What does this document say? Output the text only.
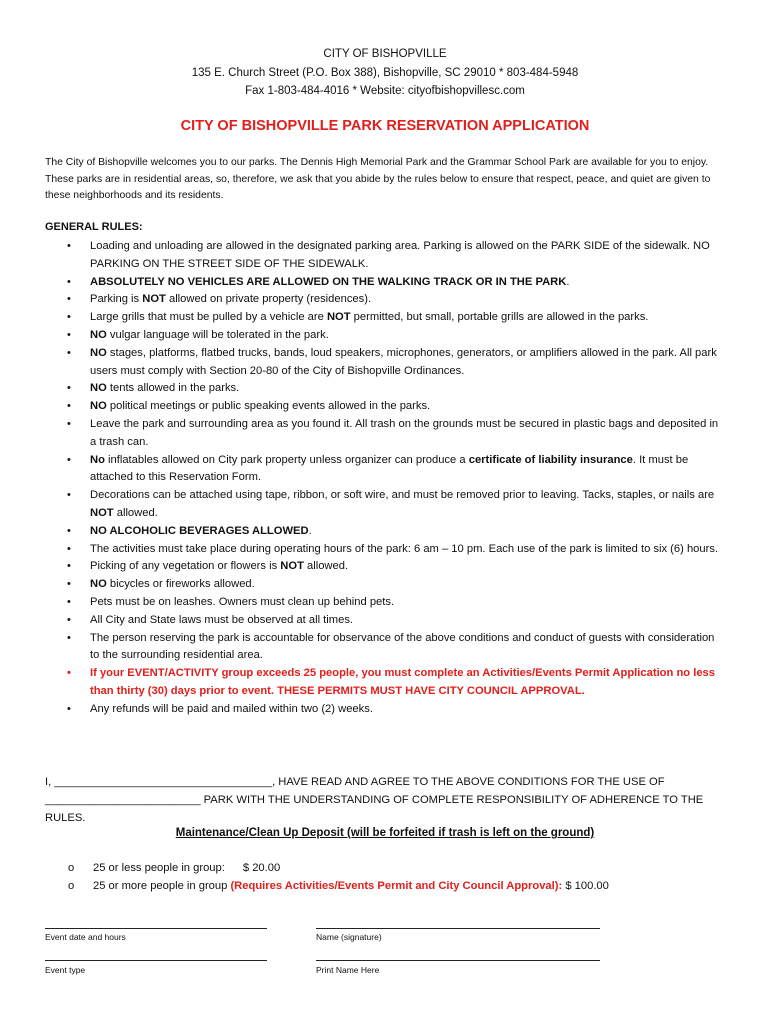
CITY OF BISHOPVILLE
135 E. Church Street (P.O. Box 388), Bishopville, SC 29010 * 803-484-5948
Fax 1-803-484-4016 * Website: cityofbishopvillesc.com
CITY OF BISHOPVILLE PARK RESERVATION APPLICATION
The City of Bishopville welcomes you to our parks. The Dennis High Memorial Park and the Grammar School Park are available for you to enjoy. These parks are in residential areas, so, therefore, we ask that you abide by the rules below to ensure that respect, peace, and quiet are given to these neighborhoods and its residents.
GENERAL RULES:
• Loading and unloading are allowed in the designated parking area. Parking is allowed on the PARK SIDE of the sidewalk. NO PARKING ON THE STREET SIDE OF THE SIDEWALK.
• ABSOLUTELY NO VEHICLES ARE ALLOWED ON THE WALKING TRACK OR IN THE PARK.
• Parking is NOT allowed on private property (residences).
• Large grills that must be pulled by a vehicle are NOT permitted, but small, portable grills are allowed in the parks.
• NO vulgar language will be tolerated in the park.
• NO stages, platforms, flatbed trucks, bands, loud speakers, microphones, generators, or amplifiers allowed in the park. All park users must comply with Section 20-80 of the City of Bishopville Ordinances.
• NO tents allowed in the parks.
• NO political meetings or public speaking events allowed in the parks.
• Leave the park and surrounding area as you found it. All trash on the grounds must be secured in plastic bags and deposited in a trash can.
• No inflatables allowed on City park property unless organizer can produce a certificate of liability insurance. It must be attached to this Reservation Form.
• Decorations can be attached using tape, ribbon, or soft wire, and must be removed prior to leaving. Tacks, staples, or nails are NOT allowed.
• NO ALCOHOLIC BEVERAGES ALLOWED.
• The activities must take place during operating hours of the park: 6 am – 10 pm. Each use of the park is limited to six (6) hours.
• Picking of any vegetation or flowers is NOT allowed.
• NO bicycles or fireworks allowed.
• Pets must be on leashes. Owners must clean up behind pets.
• All City and State laws must be observed at all times.
• The person reserving the park is accountable for observance of the above conditions and conduct of guests with consideration to the surrounding residential area.
• If your EVENT/ACTIVITY group exceeds 25 people, you must complete an Activities/Events Permit Application no less than thirty (30) days prior to event. THESE PERMITS MUST HAVE CITY COUNCIL APPROVAL.
• Any refunds will be paid and mailed within two (2) weeks.
I, ___________________________________, HAVE READ AND AGREE TO THE ABOVE CONDITIONS FOR THE USE OF _________________________ PARK WITH THE UNDERSTANDING OF COMPLETE RESPONSIBILITY OF ADHERENCE TO THE RULES.
Maintenance/Clean Up Deposit (will be forfeited if trash is left on the ground)
o 25 or less people in group: $ 20.00
o 25 or more people in group (Requires Activities/Events Permit and City Council Approval): $ 100.00
Event date and hours	Name (signature)
Event type	Print Name Here
